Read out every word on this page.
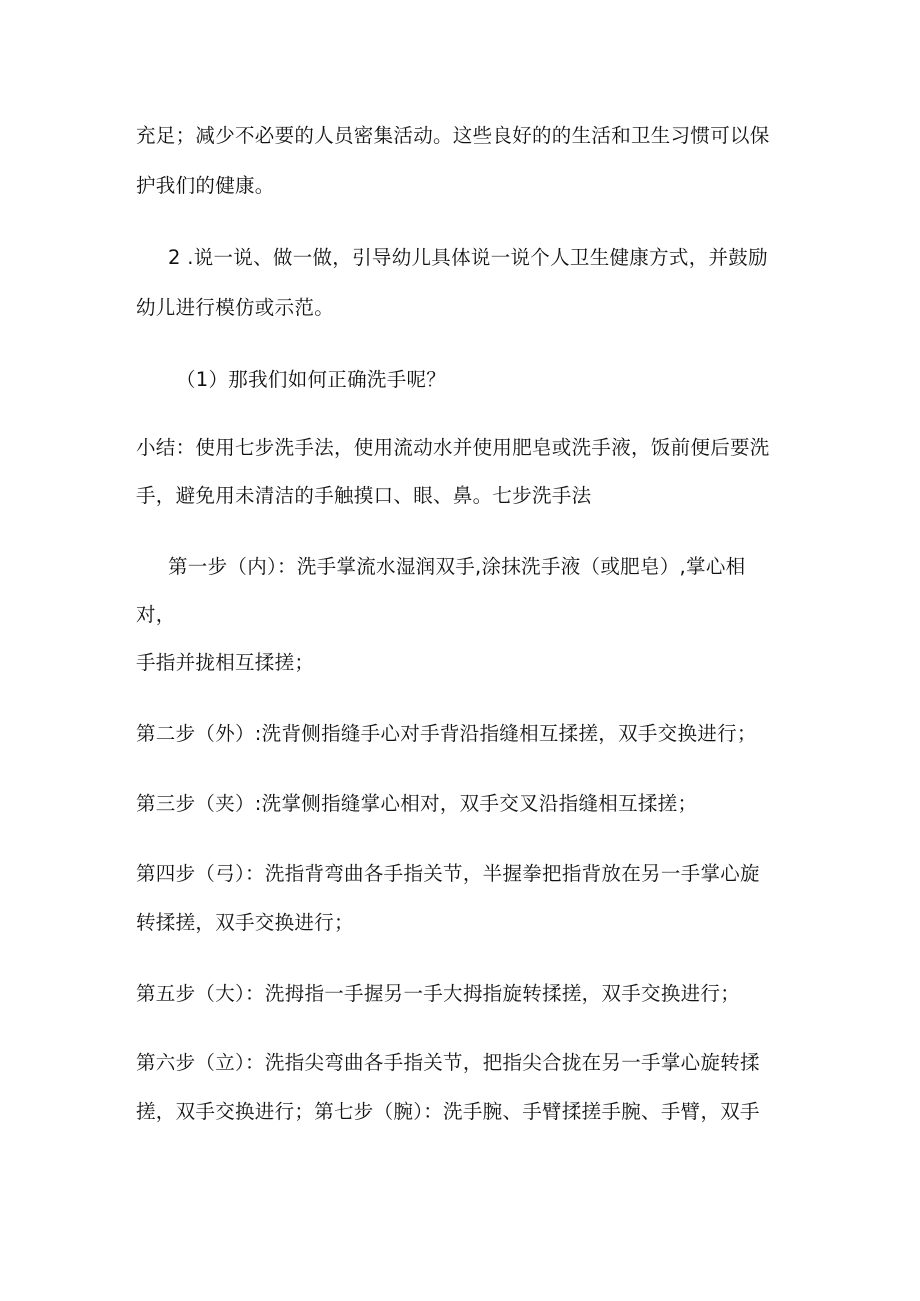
充足；减少不必要的人员密集活动。这些良好的的生活和卫生习惯可以保
护我们的健康。
2 .说一说、做一做，引导幼儿具体说一说个人卫生健康方式，并鼓励
幼儿进行模仿或示范。
（1）那我们如何正确洗手呢？
小结：使用七步洗手法，使用流动水并使用肥皂或洗手液，饭前便后要洗
手，避免用未清洁的手触摸口、眼、鼻。七步洗手法
第一步（内）：洗手掌流水湿润双手,涂抹洗手液（或肥皂）,掌心相
对，
手指并拢相互揉搓；
第二步（外）:洗背侧指缝手心对手背沿指缝相互揉搓，双手交换进行；
第三步（夹）:洗掌侧指缝掌心相对，双手交叉沿指缝相互揉搓；
第四步（弓）：洗指背弯曲各手指关节，半握拳把指背放在另一手掌心旋
转揉搓，双手交换进行；
第五步（大）：洗拇指一手握另一手大拇指旋转揉搓，双手交换进行；
第六步（立）：洗指尖弯曲各手指关节，把指尖合拢在另一手掌心旋转揉
搓，双手交换进行；第七步（腕）：洗手腕、手臂揉搓手腕、手臂，双手
